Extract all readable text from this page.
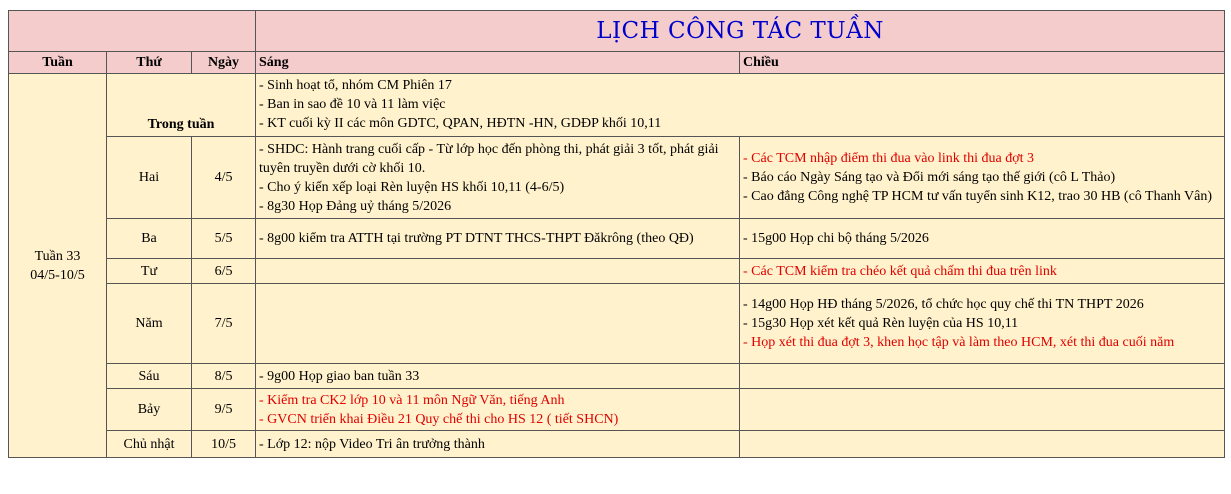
			LỊCH CÔNG TÁC TUẦN	
Tuần	Thứ	Ngày	Sáng	Chiều

Tuần 33
04/5-10/5	Trong tuần		- Sinh hoạt tổ, nhóm CM Phiên 17
- Ban in sao đề 10 và 11 làm việc
- KT cuối kỳ II các môn GDTC, QPAN, HĐTN -HN, GDĐP khối 10,11	

	Hai	4/5	- SHDC: Hành trang cuối cấp - Từ lớp học đến phòng thi, phát giải 3 tốt, phát giải tuyên truyền dưới cờ khối 10.
- Cho ý kiến xếp loại Rèn luyện HS khối 10,11 (4-6/5)
- 8g30 Họp Đảng uỷ tháng 5/2026	- Các TCM nhập điểm thi đua vào link thi đua đợt 3
- Báo cáo Ngày Sáng tạo và Đổi mới sáng tạo thế giới (cô L Thảo)
- Cao đẳng Công nghệ TP HCM tư vấn tuyển sinh K12, trao 30 HB (cô Thanh Vân)

	Ba	5/5	- 8g00 kiểm tra ATTH tại trường PT DTNT THCS-THPT Đăkrông (theo QĐ)	- 15g00 Họp chi bộ tháng 5/2026

	Tư	6/5		- Các TCM kiểm tra chéo kết quả chấm thi đua trên link

	Năm	7/5		- 14g00 Họp HĐ tháng 5/2026, tổ chức học quy chế thi TN THPT 2026
- 15g30 Họp xét kết quả Rèn luyện của HS 10,11
- Họp xét thi đua đợt 3, khen học tập và làm theo HCM, xét thi đua cuối năm

	Sáu	8/5	- 9g00 Họp giao ban tuần 33	

	Bảy	9/5	- Kiểm tra CK2 lớp 10 và 11 môn Ngữ Văn, tiếng Anh
- GVCN triển khai Điều 21 Quy chế thi cho HS 12 ( tiết SHCN)	

	Chủ nhật	10/5	- Lớp 12: nộp Video Tri ân trưởng thành	
